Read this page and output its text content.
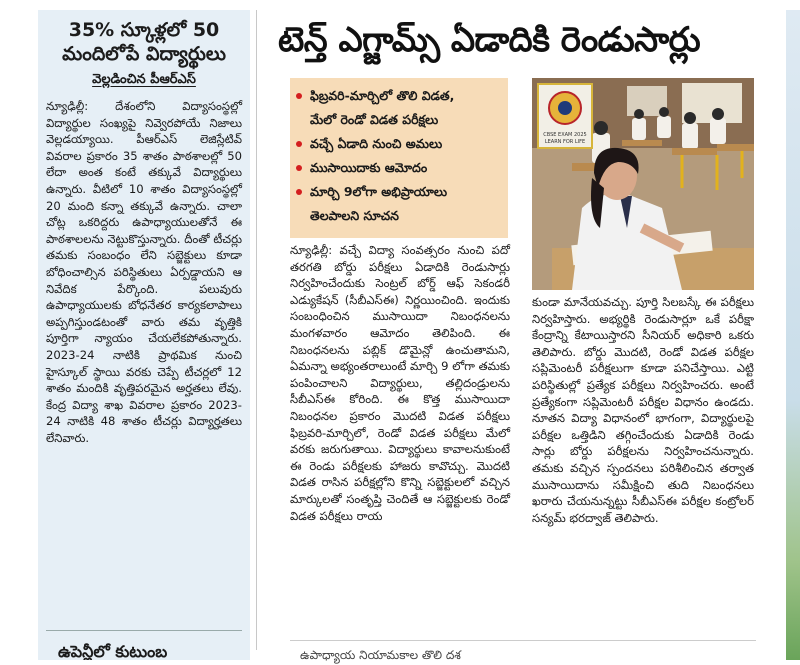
35% స్కూళ్లలో 50
మందిలోపే విద్యార్థులు
వెల్లడించిన పీఆర్ఎస్

న్యూఢిల్లీ: దేశంలోని విద్యాసంస్థల్లో విద్యార్థుల సంఖ్యపై నివ్వెరపోయే నిజాలు వెల్లడయ్యాయి. పీఆర్ఎస్ లెజిస్లేటివ్ వివరాల ప్రకారం 35 శాతం పాఠశాలల్లో 50 లేదా అంత కంటే తక్కువే విద్యార్థులు ఉన్నారు. వీటిలో 10 శాతం విద్యాసంస్థల్లో 20 మంది కన్నా తక్కువే ఉన్నారు. చాలా చోట్ల ఒకరిద్దరు ఉపాధ్యాయులతోనే ఈ పాఠశాలలను నెట్టుకొస్తున్నారు. దీంతో టీచర్లు తమకు సంబంధం లేని సబ్జెక్టులు కూడా బోధించాల్సిన పరిస్థితులు ఏర్పడ్డాయని ఆ నివేదిక పేర్కొంది. పలువురు ఉపాధ్యాయులకు బోధనేతర కార్యకలాపాలు అప్పగిస్తుండటంతో వారు తమ వృత్తికి పూర్తిగా న్యాయం చేయలేకపోతున్నారు. 2023-24 నాటికి ప్రాథమిక నుంచి హైస్కూల్ స్థాయి వరకు చెప్పే టీచర్లలో 12 శాతం మందికి వృత్తిపరమైన అర్హతలు లేవు. కేంద్ర విద్యా శాఖ వివరాల ప్రకారం 2023-24 నాటికి 48 శాతం టీచర్లు విద్యార్హతలు లేనివారు.

ఉపెన్లీలో కుటుంబ
టెన్త్ ఎగ్జామ్స్ ఏడాదికి రెండుసార్లు
ఫిబ్రవరి-మార్చిలో తొలి విడత,
మేలో రెండో విడత పరీక్షలు
వచ్చే ఏడాది నుంచి అమలు
ముసాయిదాకు ఆమోదం
మార్చి 9లోగా అభిప్రాయాలు
తెలపాలని సూచన
CBSE EXAM 2025
LEARN FOR LIFE

న్యూఢిల్లీ: వచ్చే విద్యా సంవత్సరం నుంచి పదో తరగతి బోర్డు పరీక్షలు ఏడాదికి రెండుసార్లు నిర్వహించేందుకు సెంట్రల్ బోర్డ్ ఆఫ్ సెకండరీ ఎడ్యుకేషన్ (సీబీఎస్ఈ) నిర్ణయించింది. ఇందుకు సంబంధించిన ముసాయిదా నిబంధనలను మంగళవారం ఆమోదం తెలిపింది. ఈ నిబంధనలను పబ్లిక్ డొమైన్లో ఉంచుతామని, ఏమన్నా అభ్యంతరాలుంటే మార్చి 9 లోగా తమకు పంపించాలని విద్యార్థులు, తల్లిదండ్రులను సీబీఎస్ఈ కోరింది. ఈ కొత్త ముసాయిదా నిబంధనల ప్రకారం మొదటి విడత పరీక్షలు ఫిబ్రవరి-మార్చిలో, రెండో విడత పరీక్షలు మేలో వరకు జరుగుతాయి. విద్యార్థులు కావాలనుకుంటే ఈ రెండు పరీక్షలకు హాజరు కావొచ్చు. మొదటి విడత రాసిన పరీక్షల్లోని కొన్ని సబ్జెక్టులలో వచ్చిన మార్కులతో సంతృప్తి చెందితే ఆ సబ్జెక్టులకు రెండో విడత పరీక్షలు రాయ

కుండా మానేయవచ్చు. పూర్తి సిలబస్కే ఈ పరీక్షలు నిర్వహిస్తారు. అభ్యర్థికి రెండుసార్లూ ఒకే పరీక్షా కేంద్రాన్ని కేటాయిస్తారని సీనియర్ అధికారి ఒకరు తెలిపారు. బోర్డు మొదటి, రెండో విడత పరీక్షల సప్లిమెంటరీ పరీక్షలుగా కూడా పనిచేస్తాయి. ఎట్టి పరిస్థితుల్లో ప్రత్యేక పరీక్షలు నిర్వహించరు. అంటే ప్రత్యేకంగా సప్లిమెంటరీ పరీక్షల విధానం ఉండదు. నూతన విద్యా విధానంలో భాగంగా, విద్యార్థులపై పరీక్షల ఒత్తిడిని తగ్గించేందుకు ఏడాదికి రెండు సార్లు బోర్డు పరీక్షలను నిర్వహించనున్నారు. తమకు వచ్చిన స్పందనలు పరిశీలించిన తర్వాత ముసాయిదాను సమీక్షించి తుది నిబంధనలు ఖరారు చేయనున్నట్టు సీబీఎస్ఈ పరీక్షల కంట్రోలర్ సన్యమ్ భరద్వాజ్ తెలిపారు.

ఉపాధ్యాయ నియామకాల తొలి దశ
